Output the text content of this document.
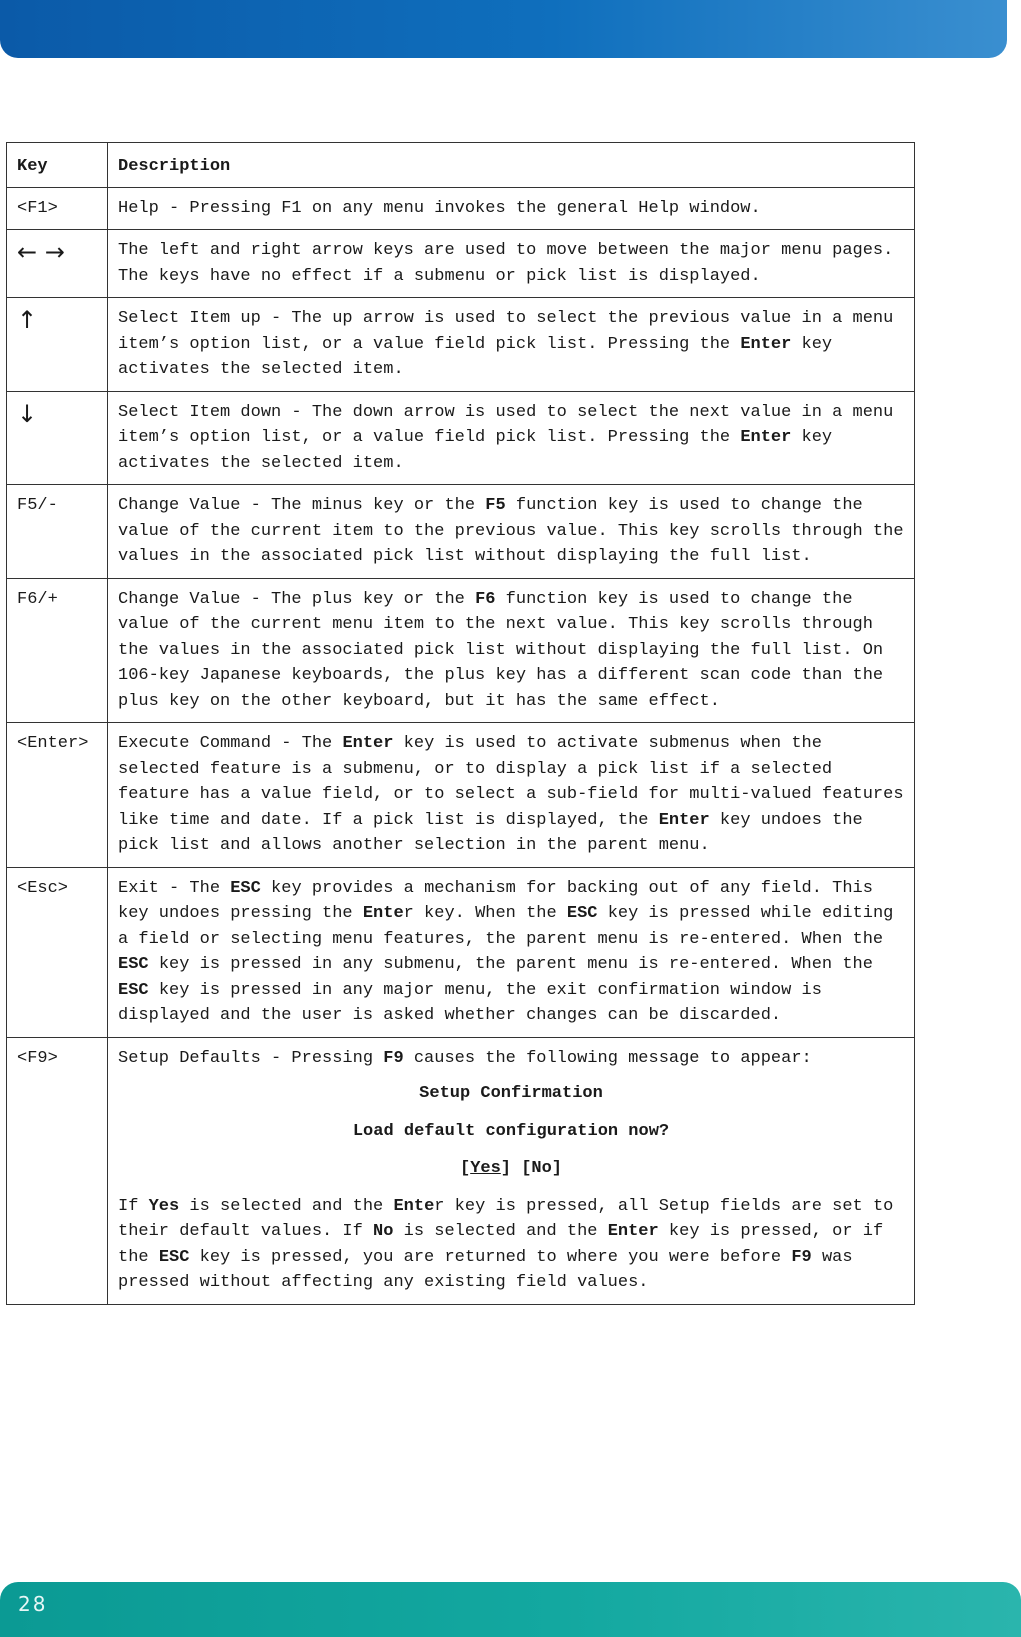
Key	Description
<F1>	Help - Pressing F1 on any menu invokes the general Help window.
← →	The left and right arrow keys are used to move between the major menu pages. The keys have no effect if a submenu or pick list is displayed.
↑	Select Item up - The up arrow is used to select the previous value in a menu item’s option list, or a value field pick list. Pressing the Enter key activates the selected item.
↓	Select Item down - The down arrow is used to select the next value in a menu item’s option list, or a value field pick list. Pressing the Enter key activates the selected item.
F5/-	Change Value - The minus key or the F5 function key is used to change the value of the current item to the previous value. This key scrolls through the values in the associated pick list without displaying the full list.
F6/+	Change Value - The plus key or the F6 function key is used to change the value of the current menu item to the next value. This key scrolls through the values in the associated pick list without displaying the full list. On 106-key Japanese keyboards, the plus key has a different scan code than the plus key on the other keyboard, but it has the same effect.
<Enter>	Execute Command - The Enter key is used to activate submenus when the selected feature is a submenu, or to display a pick list if a selected feature has a value field, or to select a sub-field for multi-valued features like time and date. If a pick list is displayed, the Enter key undoes the pick list and allows another selection in the parent menu.
<Esc>	Exit - The ESC key provides a mechanism for backing out of any field. This key undoes pressing the Enter key. When the ESC key is pressed while editing a field or selecting menu features, the parent menu is re-entered. When the ESC key is pressed in any submenu, the parent menu is re-entered. When the ESC key is pressed in any major menu, the exit confirmation window is displayed and the user is asked whether changes can be discarded.
<F9>	Setup Defaults - Pressing F9 causes the following message to appear:

Setup Confirmation

Load default configuration now?

[Yes] [No]

If Yes is selected and the Enter key is pressed, all Setup fields are set to their default values. If No is selected and the Enter key is pressed, or if the ESC key is pressed, you are returned to where you were before F9 was pressed without affecting any existing field values.

28
